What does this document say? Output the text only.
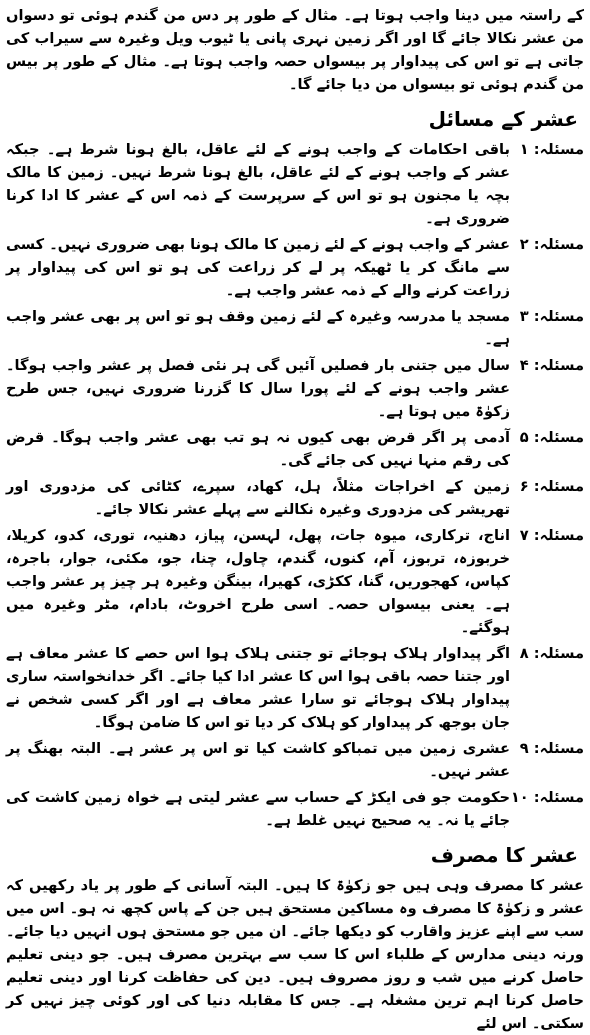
کے راستہ میں دینا واجب ہوتا ہے۔ مثال کے طور پر دس من گندم ہوئی تو دسواں من عشر نکالا جائے گا اور اگر زمین نہری پانی یا ٹیوب ویل وغیرہ سے سیراب کی جاتی ہے تو اس کی پیداوار پر بیسواں حصہ واجب ہوتا ہے۔ مثال کے طور پر بیس من گندم ہوئی تو بیسواں من دیا جائے گا۔

عشر کے مسائل
مسئلہ: ۱
باقی احکامات کے واجب ہونے کے لئے عاقل، بالغ ہونا شرط ہے۔ جبکہ عشر کے واجب ہونے کے لئے عاقل، بالغ ہونا شرط نہیں۔ زمین کا مالک بچہ یا مجنون ہو تو اس کے سرپرست کے ذمہ اس کے عشر کا ادا کرنا ضروری ہے۔
مسئلہ: ۲
عشر کے واجب ہونے کے لئے زمین کا مالک ہونا بھی ضروری نہیں۔ کسی سے مانگ کر یا ٹھیکہ پر لے کر زراعت کی ہو تو اس کی پیداوار پر زراعت کرنے والے کے ذمہ عشر واجب ہے۔
مسئلہ: ۳
مسجد یا مدرسہ وغیرہ کے لئے زمین وقف ہو تو اس پر بھی عشر واجب ہے۔
مسئلہ: ۴
سال میں جتنی بار فصلیں آئیں گی ہر نئی فصل پر عشر واجب ہوگا۔ عشر واجب ہونے کے لئے پورا سال کا گزرنا ضروری نہیں، جس طرح زکوٰۃ میں ہوتا ہے۔
مسئلہ: ۵
آدمی پر اگر قرض بھی کیوں نہ ہو تب بھی عشر واجب ہوگا۔ قرض کی رقم منہا نہیں کی جائے گی۔
مسئلہ: ۶
زمین کے اخراجات مثلاً، ہل، کھاد، سپرے، کٹائی کی مزدوری اور تھریشر کی مزدوری وغیرہ نکالنے سے پہلے عشر نکالا جائے۔
مسئلہ: ۷
اناج، ترکاری، میوہ جات، پھل، لہسن، پیاز، دھنیہ، توری، کدو، کریلا، خربوزہ، تربوز، آم، کنوں، گندم، چاول، چنا، جو، مکئی، جوار، باجرہ، کپاس، کھجوریں، گنا، ککڑی، کھیرا، بینگن وغیرہ ہر چیز پر عشر واجب ہے۔ یعنی بیسواں حصہ۔ اسی طرح اخروٹ، بادام، مٹر وغیرہ میں ہوگئے۔
مسئلہ: ۸
اگر پیداوار ہلاک ہوجائے تو جتنی ہلاک ہوا اس حصے کا عشر معاف ہے اور جتنا حصہ باقی ہوا اس کا عشر ادا کیا جائے۔ اگر خدانخواستہ ساری پیداوار ہلاک ہوجائے تو سارا عشر معاف ہے اور اگر کسی شخص نے جان بوجھ کر پیداوار کو ہلاک کر دیا تو اس کا ضامن ہوگا۔
مسئلہ: ۹
عشری زمین میں تمباکو کاشت کیا تو اس پر عشر ہے۔ البتہ بھنگ پر عشر نہیں۔
مسئلہ: ۱۰
حکومت جو فی ایکڑ کے حساب سے عشر لیتی ہے خواہ زمین کاشت کی جائے یا نہ۔ یہ صحیح نہیں غلط ہے۔
عشر کا مصرف

عشر کا مصرف وہی ہیں جو زکوٰۃ کا ہیں۔ البتہ آسانی کے طور پر یاد رکھیں کہ عشر و زکوٰۃ کا مصرف وہ مساکین مستحق ہیں جن کے پاس کچھ نہ ہو۔ اس میں سب سے اپنے عزیز واقارب کو دیکھا جائے۔ ان میں جو مستحق ہوں انہیں دیا جائے۔ ورنہ دینی مدارس کے طلباء اس کا سب سے بہترین مصرف ہیں۔ جو دینی تعلیم حاصل کرنے میں شب و روز مصروف ہیں۔ دین کی حفاظت کرنا اور دینی تعلیم حاصل کرنا اہم ترین مشغلہ ہے۔ جس کا مقابلہ دنیا کی اور کوئی چیز نہیں کر سکتی۔ اس لئے
